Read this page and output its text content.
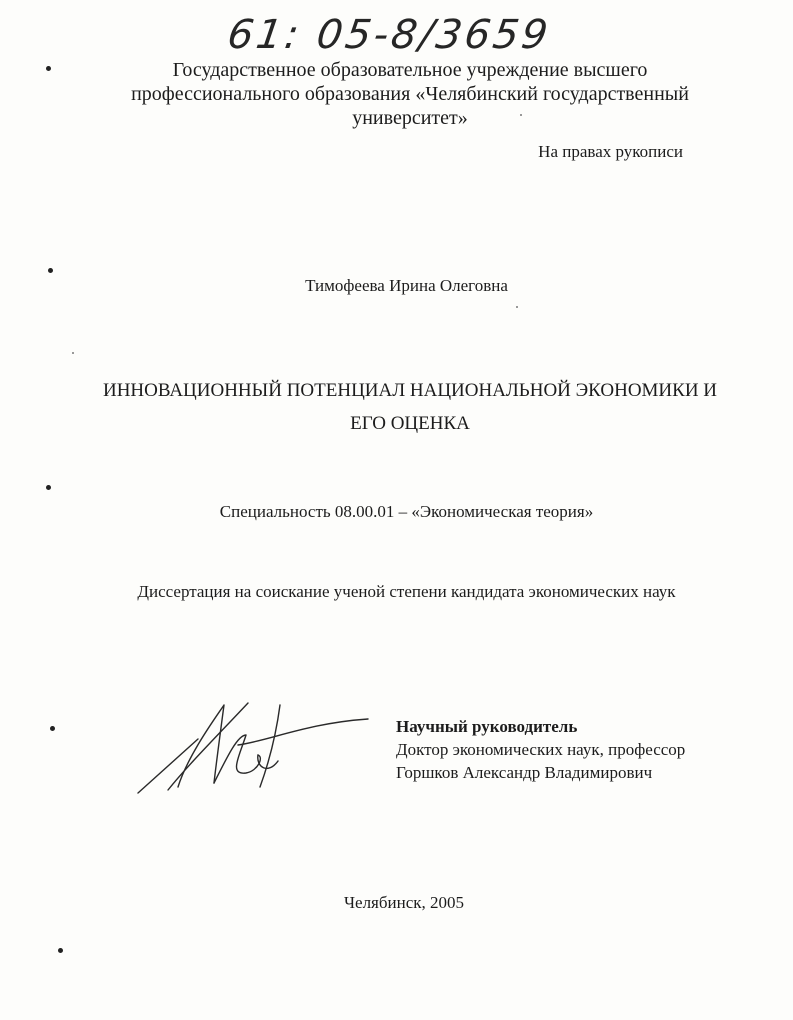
61: 05-8/3659
Государственное образовательное учреждение высшего профессионального образования «Челябинский государственный университет»
На правах рукописи
Тимофеева Ирина Олеговна
ИННОВАЦИОННЫЙ ПОТЕНЦИАЛ НАЦИОНАЛЬНОЙ ЭКОНОМИКИ И
ЕГО ОЦЕНКА
Специальность 08.00.01 – «Экономическая теория»
Диссертация на соискание ученой степени кандидата экономических наук
Научный руководитель
Доктор экономических наук, профессор
Горшков Александр Владимирович
Челябинск, 2005
